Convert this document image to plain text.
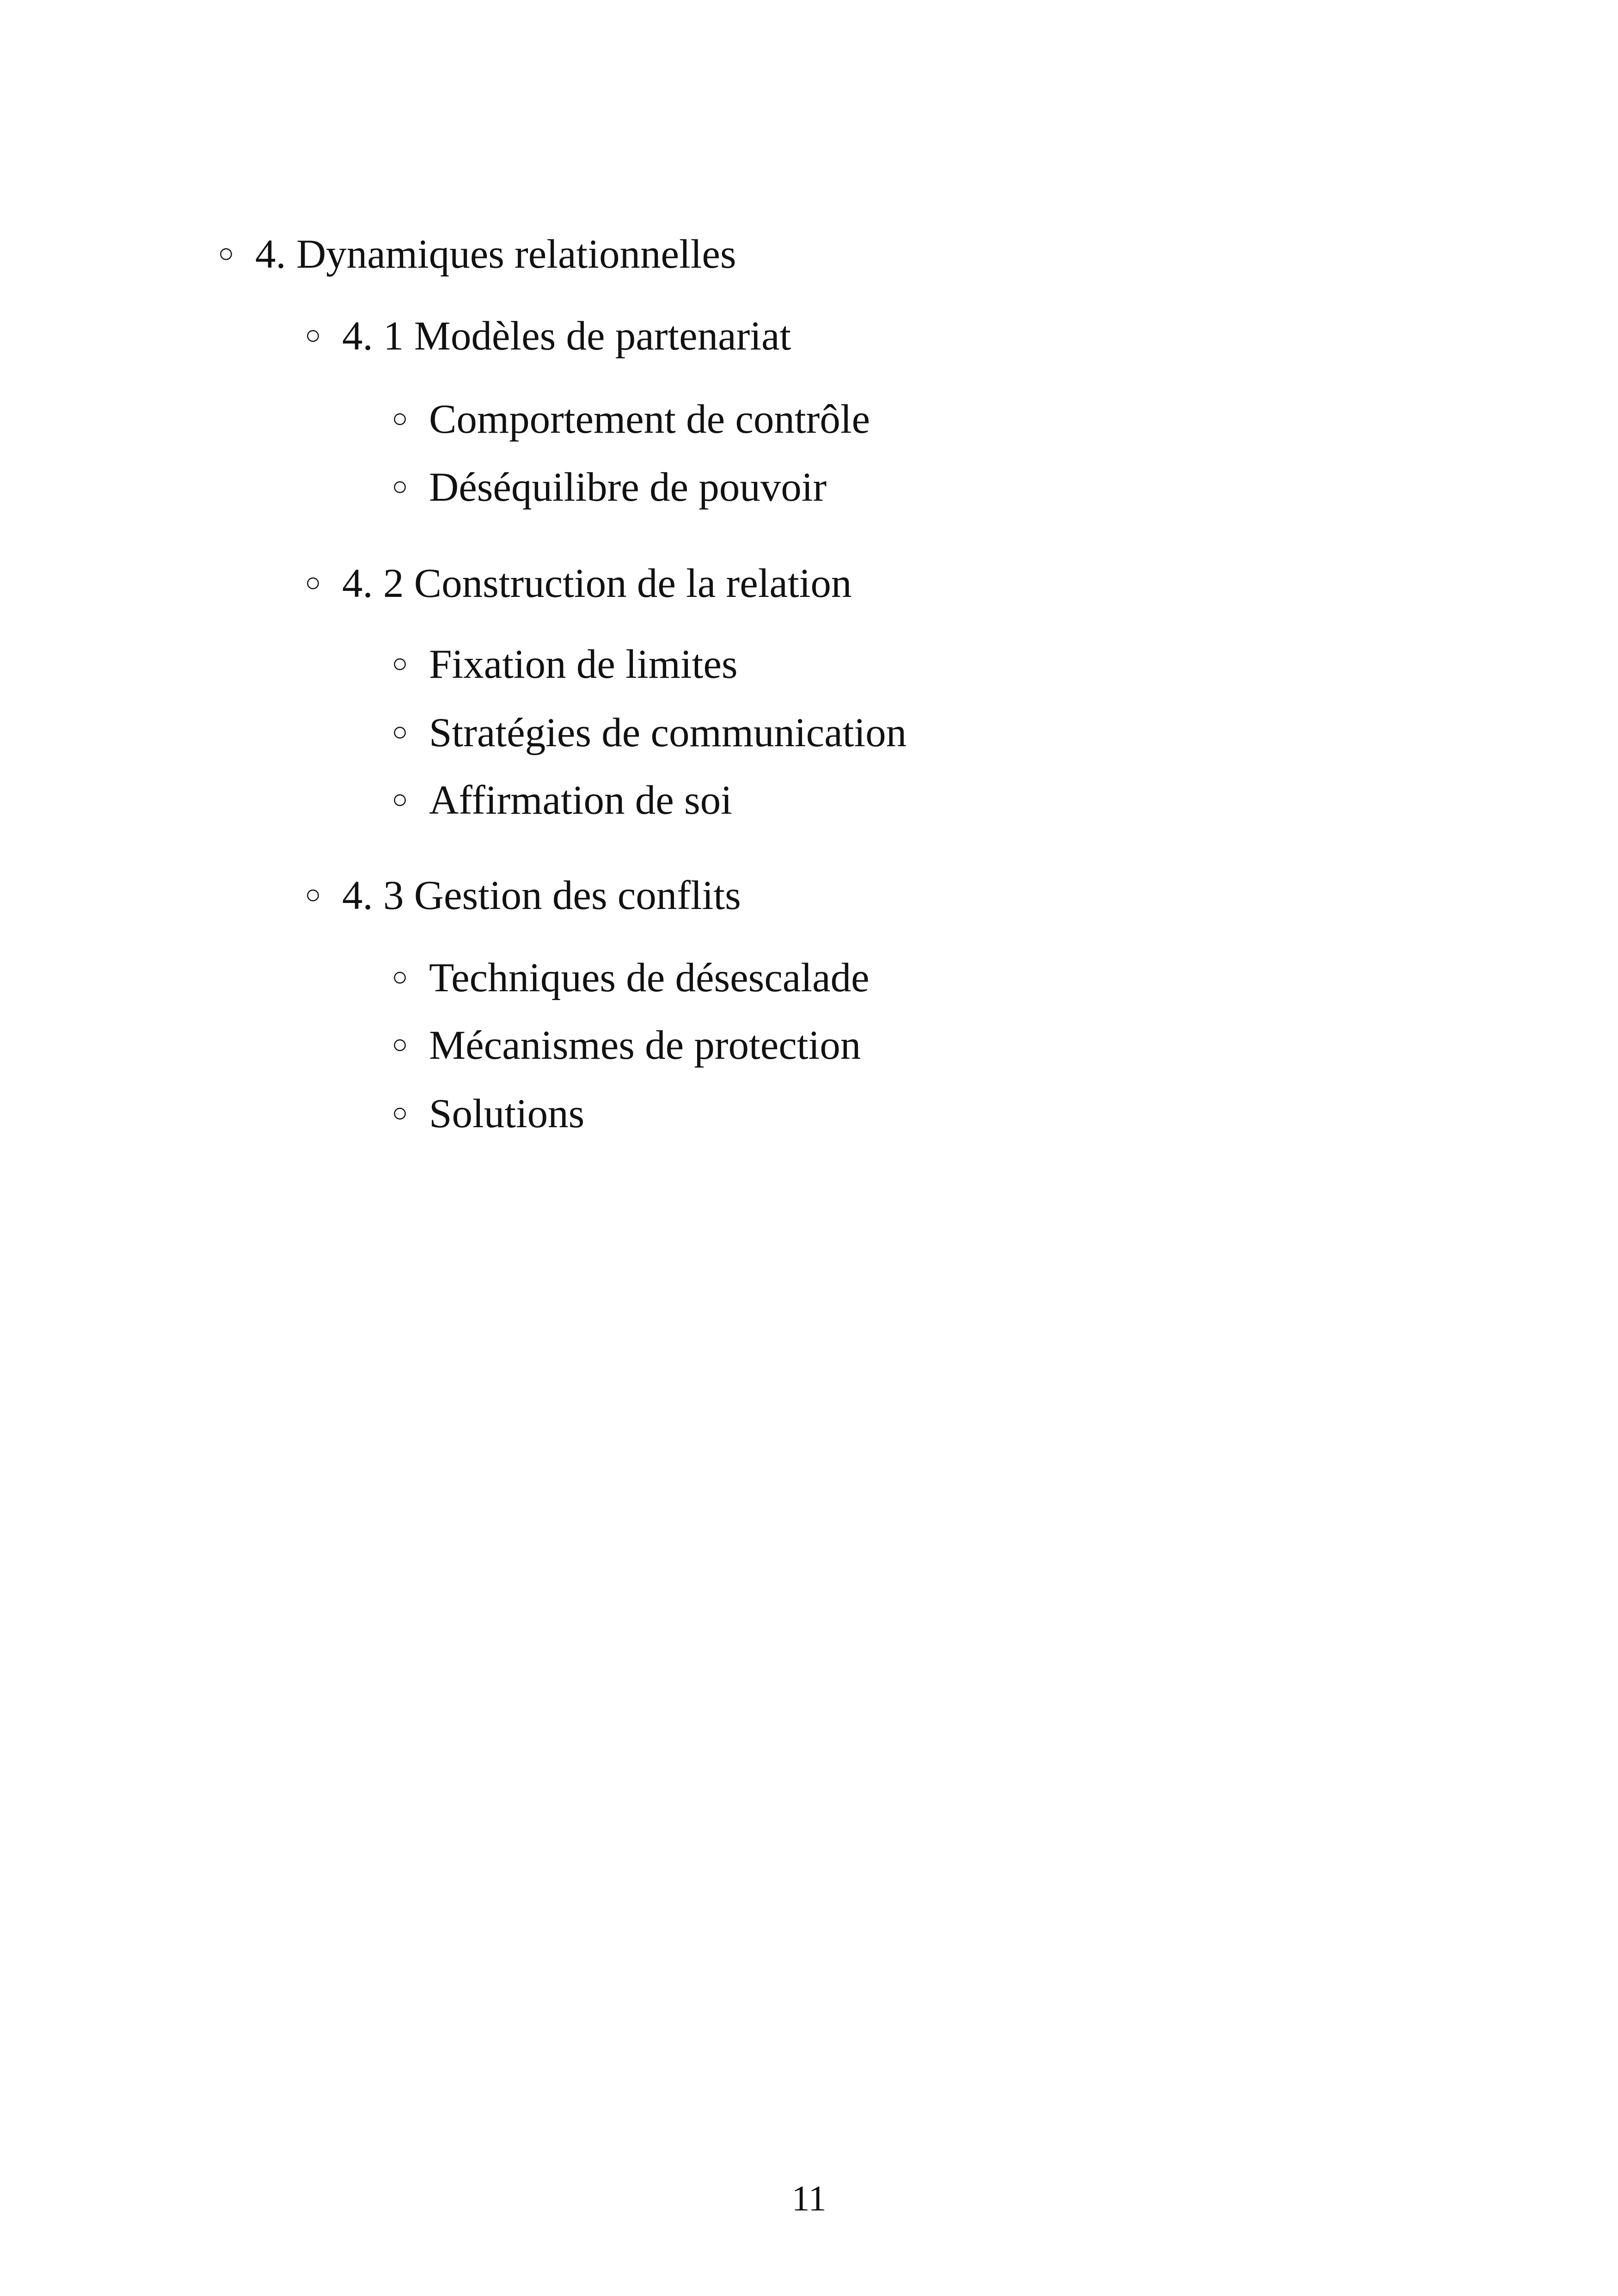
○ 4. Dynamiques relationnelles
○ 4. 1 Modèles de partenariat
○ Comportement de contrôle
○ Déséquilibre de pouvoir
○ 4. 2 Construction de la relation
○ Fixation de limites
○ Stratégies de communication
○ Affirmation de soi
○ 4. 3 Gestion des conflits
○ Techniques de désescalade
○ Mécanismes de protection
○ Solutions
11
